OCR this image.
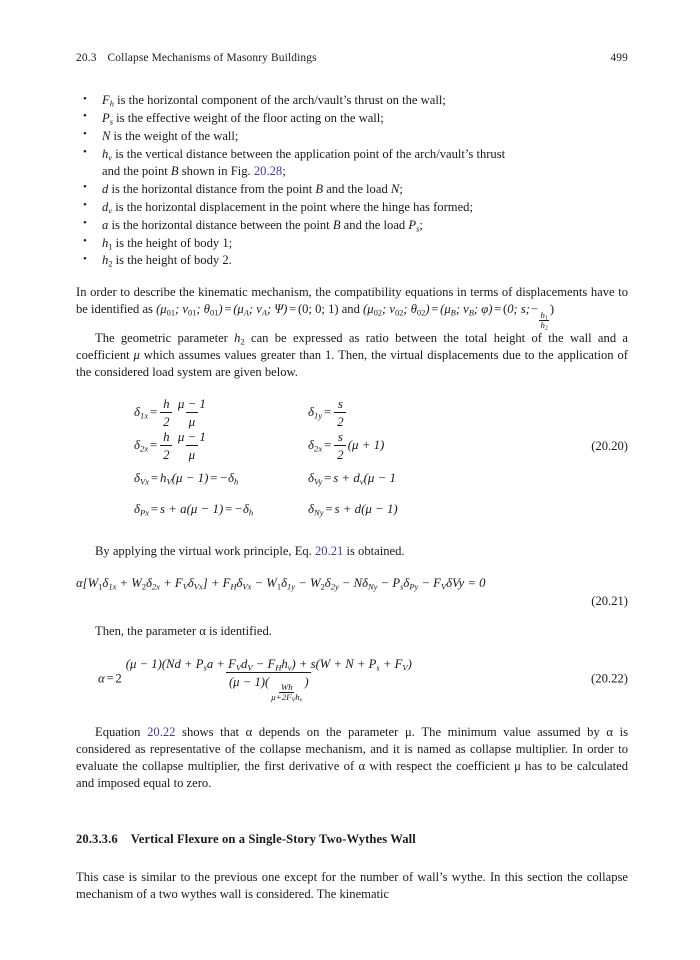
20.3 Collapse Mechanisms of Masonry Buildings	499
• $F_h$ is the horizontal component of the arch/vault’s thrust on the wall;
• $P_s$ is the effective weight of the floor acting on the wall;
• N is the weight of the wall;
• $h_v$ is the vertical distance between the application point of the arch/vault’s thrust
and the point B shown in Fig. 20.28;
• d is the horizontal distance from the point B and the load N;
• $d_v$ is the horizontal displacement in the point where the hinge has formed;
• a is the horizontal distance between the point B and the load $P_s$;
• $h_1$ is the height of body 1;
• $h_2$ is the height of body 2.

In order to describe the kinematic mechanism, the compatibility equations in terms of displacements have to be identified as ($\mu_{01}$; $v_{01}$; $\theta_{01}) = (\mu_A$; $v_A$; Ψ) = (0; 0; 1) and ($\mu_{02}$; $v_{02}$; $\theta_{02}) = (\mu_B$; $v_B$; φ) = (0; s;−
$\frac{h_1}{h_2}$
)

The geometric parameter $h_2$ can be expressed as ratio between the total height of the wall and a coefficient μ which assumes values greater than 1. Then, the virtual displacements due to the application of the considered load system are given below.

$\delta_{1x} = \frac{h}{2} \frac{\mu - 1}{\mu}$	$\delta_{1y} = \frac{s}{2}$
$\delta_{2x} = \frac{h}{2} \frac{\mu - 1}{\mu}$	$\delta_{2x} = \frac{s}{2} (\mu + 1)$	(20.20)
$\delta_{Vx} = h_V(\mu - 1) = -\delta_h$	$\delta_{Vy} = s + d_v(\mu - 1$
$\delta_{Px} = s + a(\mu - 1) = -\delta_h$	$\delta_{Ny} = s + d(\mu - 1)$

By applying the virtual work principle, Eq. 20.21 is obtained.

$\alpha[W_1\delta_{1x} + W_2\delta_{2x} + F_V\delta_{Vx}] + F_H\delta_{Vx} - W_1\delta_{1y} - W_2\delta_{2y} - N\delta_{Ny} - P_s\delta_{Py} - F_V\delta Vy = 0$
(20.21)

Then, the parameter α is identified.

α = 2 $(\mu - 1)(Nd + P_sa + F_Vd_V - F_Hh_v) + s(W + N + P_s + F_V)$
(μ − 1)(
$\frac{Wh}{\mu+2F_Vh_v}$
)	(20.22)

Equation 20.22 shows that α depends on the parameter μ. The minimum value assumed by α is considered as representative of the collapse mechanism, and it is named as collapse multiplier. In order to evaluate the collapse multiplier, the first derivative of α with respect the coefficient μ has to be calculated and imposed equal to zero.

20.3.3.6 Vertical Flexure on a Single-Story Two-Wythes Wall

This case is similar to the previous one except for the number of wall’s wythe. In this section the collapse mechanism of a two wythes wall is considered. The kinematic
